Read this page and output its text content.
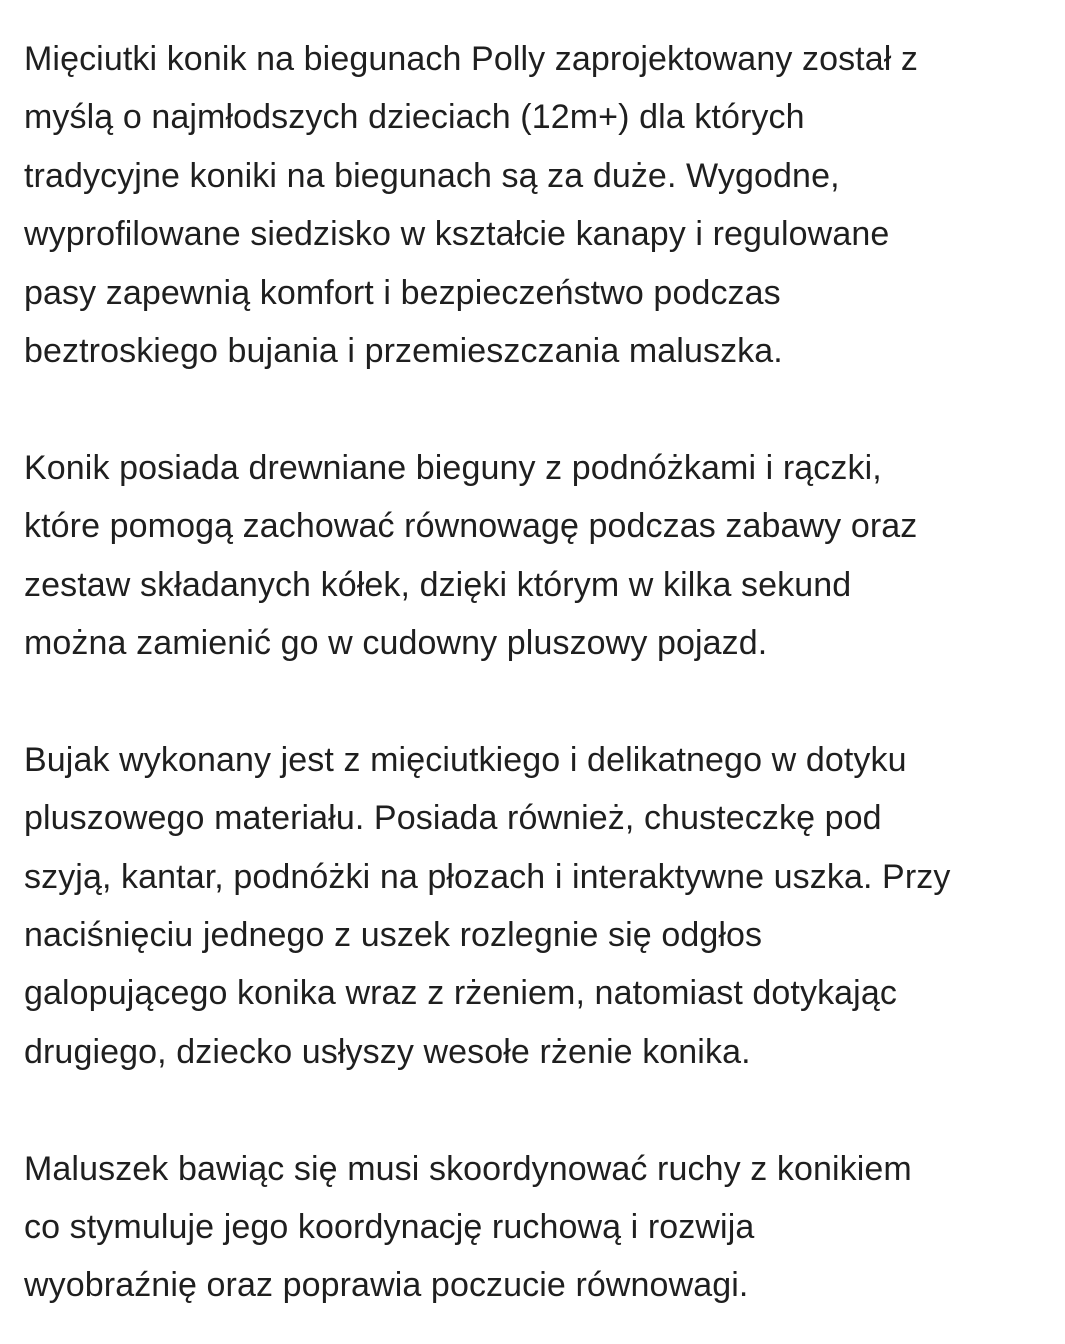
Mięciutki konik na biegunach Polly zaprojektowany został z
myślą o najmłodszych dzieciach (12m+) dla których
tradycyjne koniki na biegunach są za duże. Wygodne,
wyprofilowane siedzisko w kształcie kanapy i regulowane
pasy zapewnią komfort i bezpieczeństwo podczas
beztroskiego bujania i przemieszczania maluszka.

Konik posiada drewniane bieguny z podnóżkami i rączki,
które pomogą zachować równowagę podczas zabawy oraz
zestaw składanych kółek, dzięki którym w kilka sekund
można zamienić go w cudowny pluszowy pojazd.

Bujak wykonany jest z mięciutkiego i delikatnego w dotyku
pluszowego materiału. Posiada również, chusteczkę pod
szyją, kantar, podnóżki na płozach i interaktywne uszka. Przy
naciśnięciu jednego z uszek rozlegnie się odgłos
galopującego konika wraz z rżeniem, natomiast dotykając
drugiego, dziecko usłyszy wesołe rżenie konika.

Maluszek bawiąc się musi skoordynować ruchy z konikiem
co stymuluje jego koordynację ruchową i rozwija
wyobraźnię oraz poprawia poczucie równowagi.
